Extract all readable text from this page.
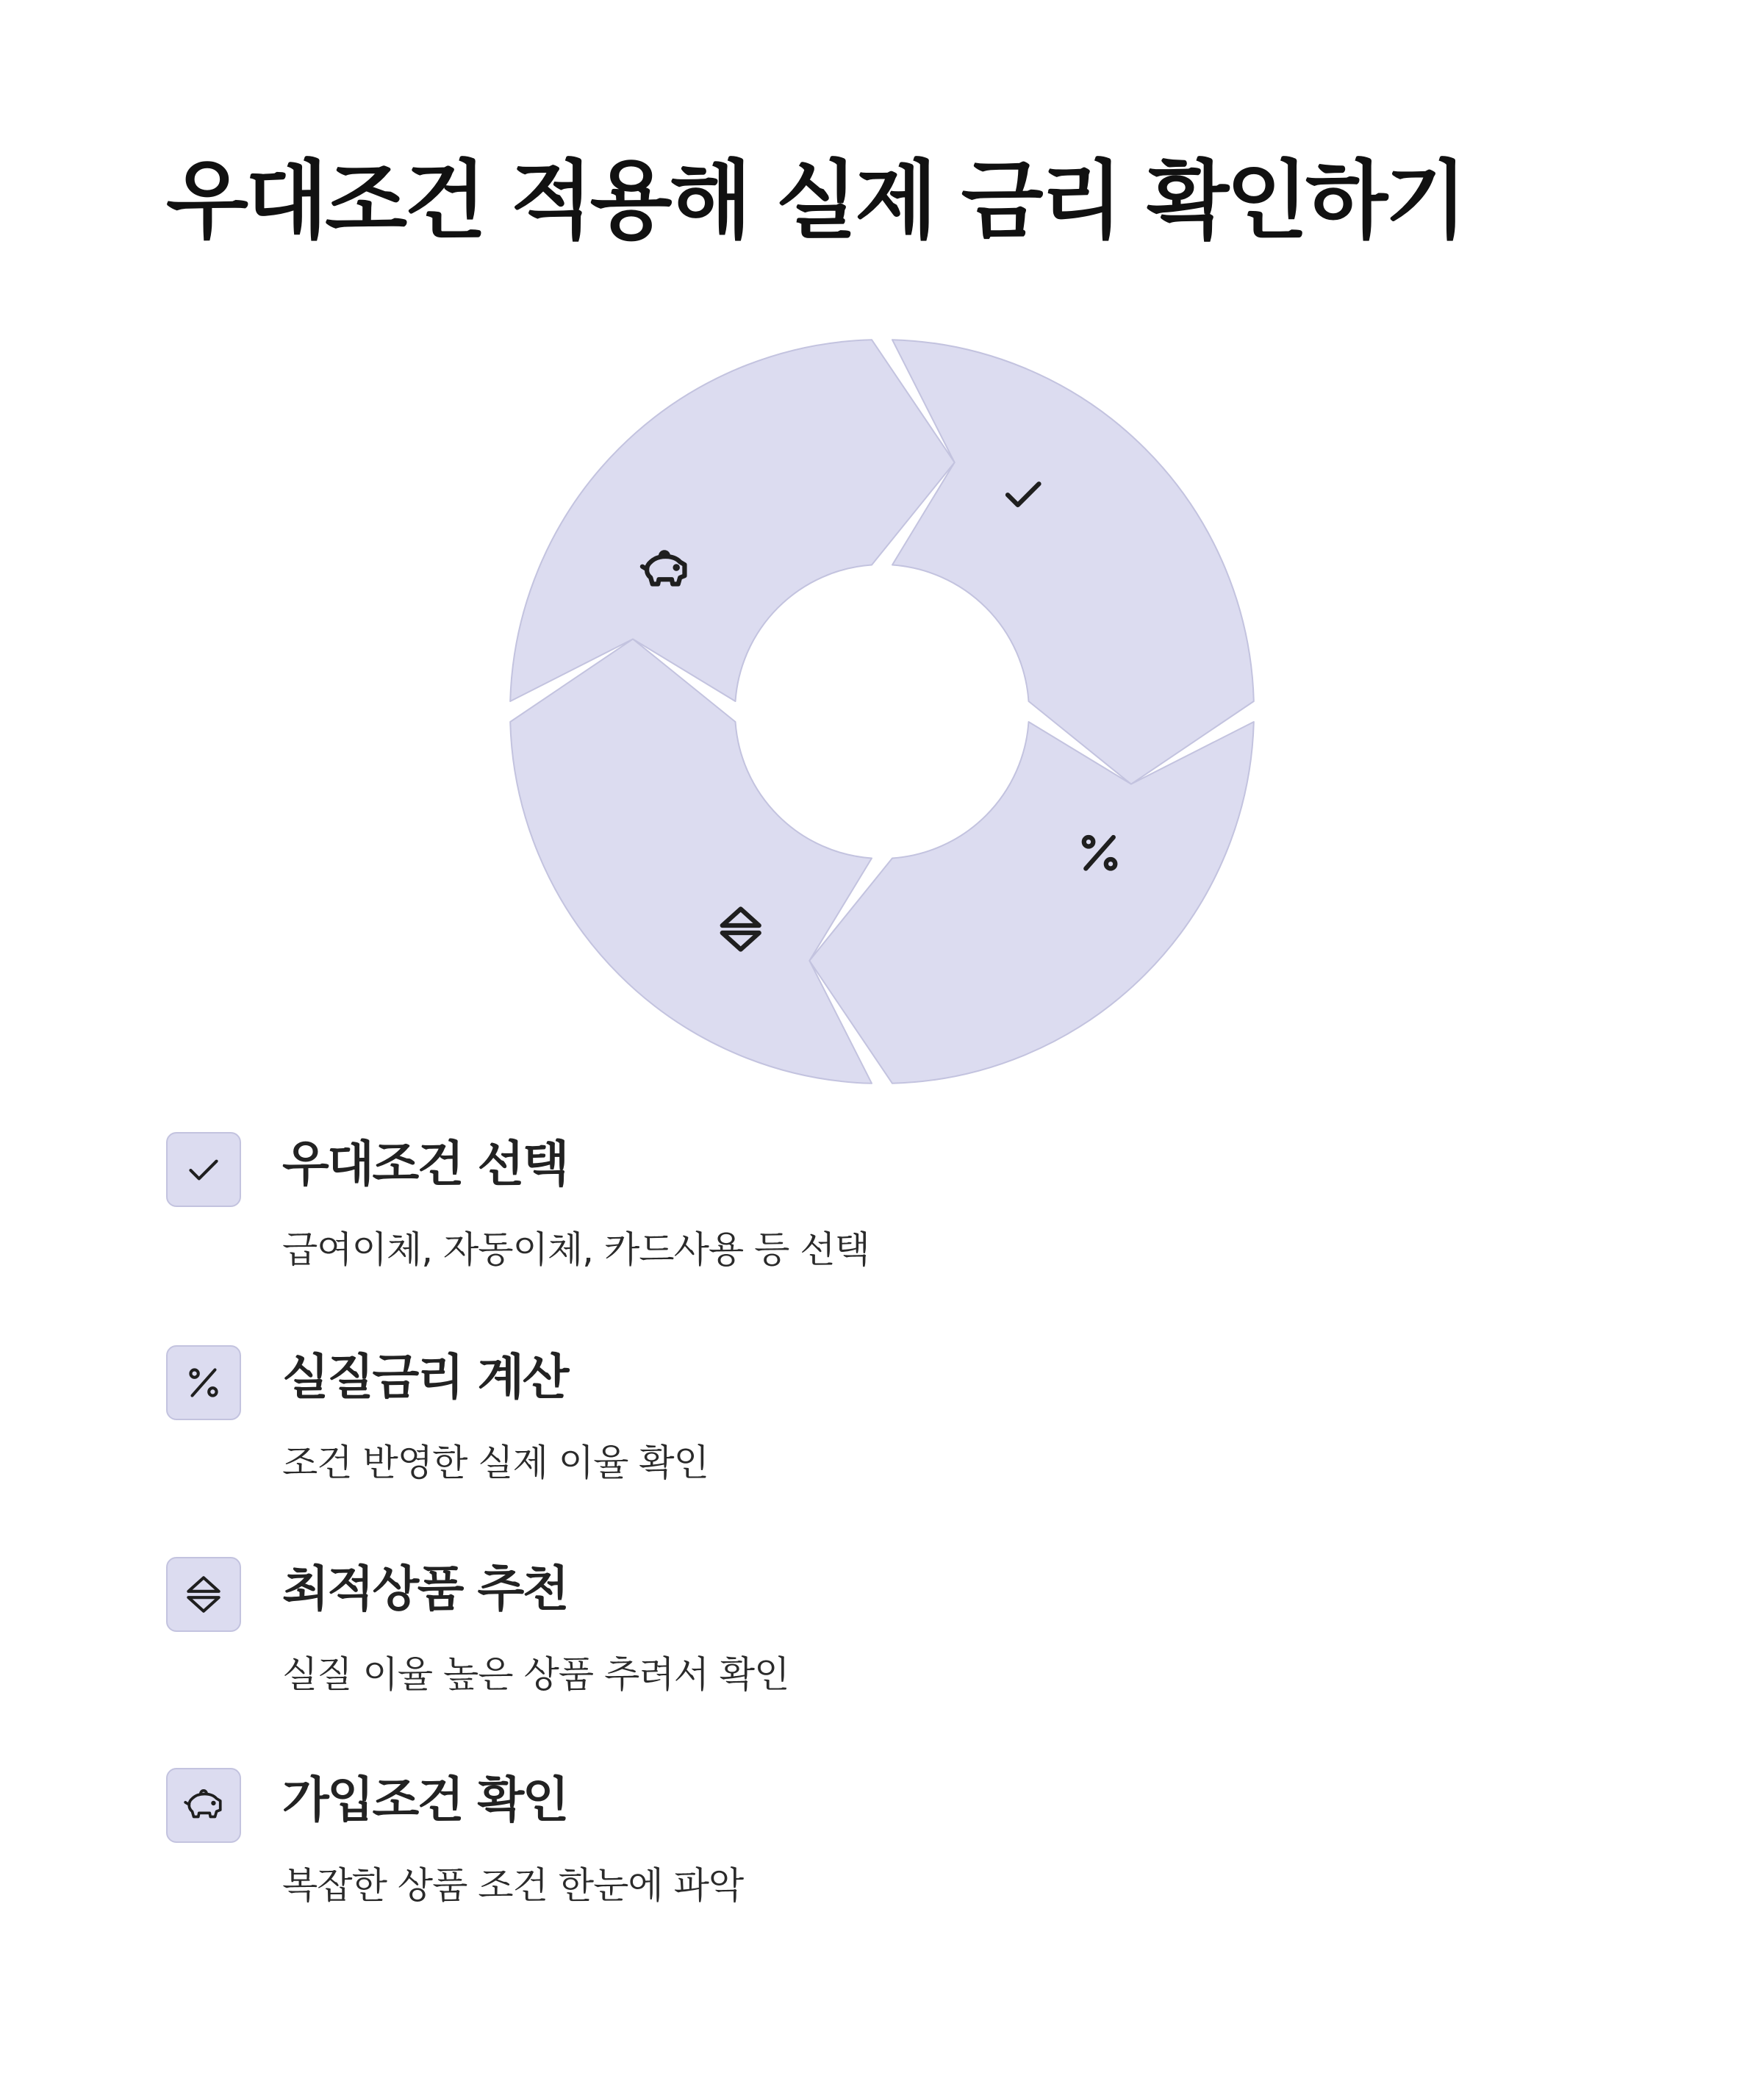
우대조건 적용해 실제 금리 확인하기
우대조건 선택

급여이체, 자동이체, 카드사용 등 선택

실질금리 계산

조건 반영한 실제 이율 확인

최적상품 추천

실질 이율 높은 상품 추려서 확인

가입조건 확인

복잡한 상품 조건 한눈에 파악
